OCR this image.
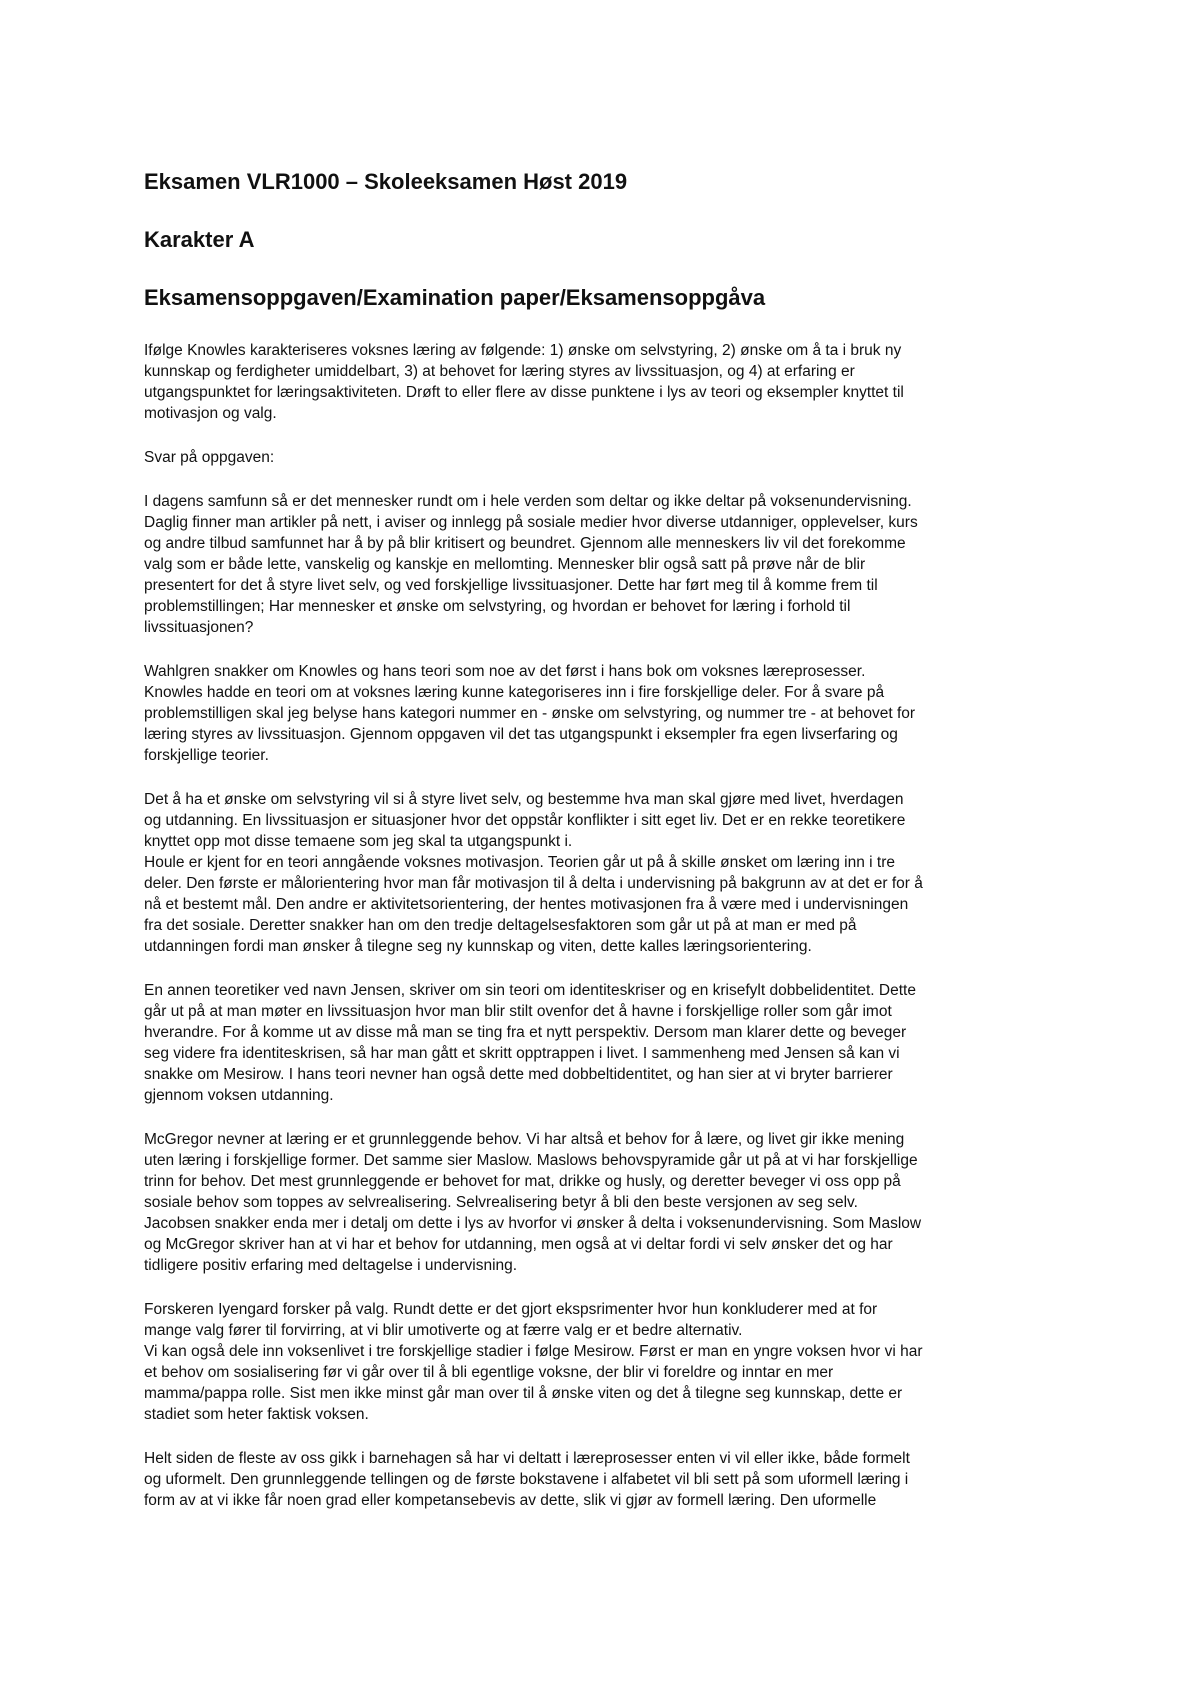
Eksamen VLR1000 – Skoleeksamen Høst 2019
Karakter A
Eksamensoppgaven/Examination paper/Eksamensoppgåva
Ifølge Knowles karakteriseres voksnes læring av følgende: 1) ønske om selvstyring, 2) ønske om å ta i bruk ny
kunnskap og ferdigheter umiddelbart, 3) at behovet for læring styres av livssituasjon, og 4) at erfaring er
utgangspunktet for læringsaktiviteten. Drøft to eller flere av disse punktene i lys av teori og eksempler knyttet til
motivasjon og valg.
Svar på oppgaven:
I dagens samfunn så er det mennesker rundt om i hele verden som deltar og ikke deltar på voksenundervisning.
Daglig finner man artikler på nett, i aviser og innlegg på sosiale medier hvor diverse utdanniger, opplevelser, kurs
og andre tilbud samfunnet har å by på blir kritisert og beundret. Gjennom alle menneskers liv vil det forekomme
valg som er både lette, vanskelig og kanskje en mellomting. Mennesker blir også satt på prøve når de blir
presentert for det å styre livet selv, og ved forskjellige livssituasjoner. Dette har ført meg til å komme frem til
problemstillingen; Har mennesker et ønske om selvstyring, og hvordan er behovet for læring i forhold til
livssituasjonen?
Wahlgren snakker om Knowles og hans teori som noe av det først i hans bok om voksnes læreprosesser.
Knowles hadde en teori om at voksnes læring kunne kategoriseres inn i fire forskjellige deler. For å svare på
problemstilligen skal jeg belyse hans kategori nummer en - ønske om selvstyring, og nummer tre - at behovet for
læring styres av livssituasjon. Gjennom oppgaven vil det tas utgangspunkt i eksempler fra egen livserfaring og
forskjellige teorier.
Det å ha et ønske om selvstyring vil si å styre livet selv, og bestemme hva man skal gjøre med livet, hverdagen
og utdanning. En livssituasjon er situasjoner hvor det oppstår konflikter i sitt eget liv. Det er en rekke teoretikere
knyttet opp mot disse temaene som jeg skal ta utgangspunkt i.
Houle er kjent for en teori anngående voksnes motivasjon. Teorien går ut på å skille ønsket om læring inn i tre
deler. Den første er målorientering hvor man får motivasjon til å delta i undervisning på bakgrunn av at det er for å
nå et bestemt mål. Den andre er aktivitetsorientering, der hentes motivasjonen fra å være med i undervisningen
fra det sosiale. Deretter snakker han om den tredje deltagelsesfaktoren som går ut på at man er med på
utdanningen fordi man ønsker å tilegne seg ny kunnskap og viten, dette kalles læringsorientering.
En annen teoretiker ved navn Jensen, skriver om sin teori om identiteskriser og en krisefylt dobbelidentitet. Dette
går ut på at man møter en livssituasjon hvor man blir stilt ovenfor det å havne i forskjellige roller som går imot
hverandre. For å komme ut av disse må man se ting fra et nytt perspektiv. Dersom man klarer dette og beveger
seg videre fra identiteskrisen, så har man gått et skritt opptrappen i livet. I sammenheng med Jensen så kan vi
snakke om Mesirow. I hans teori nevner han også dette med dobbeltidentitet, og han sier at vi bryter barrierer
gjennom voksen utdanning.
McGregor nevner at læring er et grunnleggende behov. Vi har altså et behov for å lære, og livet gir ikke mening
uten læring i forskjellige former. Det samme sier Maslow. Maslows behovspyramide går ut på at vi har forskjellige
trinn for behov. Det mest grunnleggende er behovet for mat, drikke og husly, og deretter beveger vi oss opp på
sosiale behov som toppes av selvrealisering. Selvrealisering betyr å bli den beste versjonen av seg selv.
Jacobsen snakker enda mer i detalj om dette i lys av hvorfor vi ønsker å delta i voksenundervisning. Som Maslow
og McGregor skriver han at vi har et behov for utdanning, men også at vi deltar fordi vi selv ønsker det og har
tidligere positiv erfaring med deltagelse i undervisning.
Forskeren Iyengard forsker på valg. Rundt dette er det gjort ekspsrimenter hvor hun konkluderer med at for
mange valg fører til forvirring, at vi blir umotiverte og at færre valg er et bedre alternativ.
Vi kan også dele inn voksenlivet i tre forskjellige stadier i følge Mesirow. Først er man en yngre voksen hvor vi har
et behov om sosialisering før vi går over til å bli egentlige voksne, der blir vi foreldre og inntar en mer
mamma/pappa rolle. Sist men ikke minst går man over til å ønske viten og det å tilegne seg kunnskap, dette er
stadiet som heter faktisk voksen.
Helt siden de fleste av oss gikk i barnehagen så har vi deltatt i læreprosesser enten vi vil eller ikke, både formelt
og uformelt. Den grunnleggende tellingen og de første bokstavene i alfabetet vil bli sett på som uformell læring i
form av at vi ikke får noen grad eller kompetansebevis av dette, slik vi gjør av formell læring. Den uformelle
